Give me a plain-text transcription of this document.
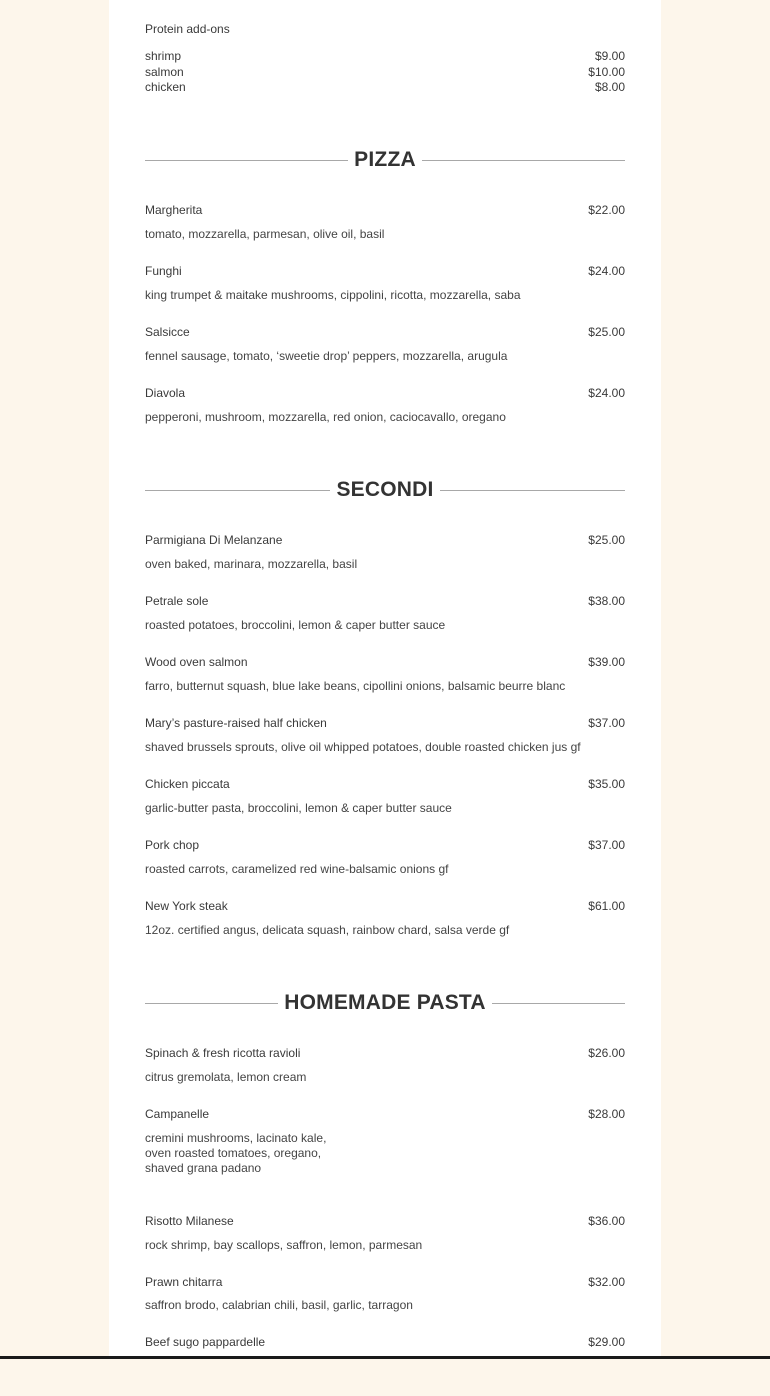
Protein add-ons
shrimp	$9.00
salmon	$10.00
chicken	$8.00
PIZZA
Margherita	$22.00
tomato, mozzarella, parmesan, olive oil, basil
Funghi	$24.00
king trumpet & maitake mushrooms, cippolini, ricotta, mozzarella, saba
Salsicce	$25.00
fennel sausage, tomato, ‘sweetie drop’ peppers, mozzarella, arugula
Diavola	$24.00
pepperoni, mushroom, mozzarella, red onion, caciocavallo, oregano
SECONDI
Parmigiana Di Melanzane	$25.00
oven baked, marinara, mozzarella, basil
Petrale sole	$38.00
roasted potatoes, broccolini, lemon & caper butter sauce
Wood oven salmon	$39.00
farro, butternut squash, blue lake beans, cipollini onions, balsamic beurre blanc
Mary’s pasture-raised half chicken	$37.00
shaved brussels sprouts, olive oil whipped potatoes, double roasted chicken jus gf
Chicken piccata	$35.00
garlic-butter pasta, broccolini, lemon & caper butter sauce
Pork chop	$37.00
roasted carrots, caramelized red wine-balsamic onions gf
New York steak	$61.00
12oz. certified angus, delicata squash, rainbow chard, salsa verde gf
HOMEMADE PASTA
Spinach & fresh ricotta ravioli	$26.00
citrus gremolata, lemon cream
Campanelle	$28.00
cremini mushrooms, lacinato kale,
oven roasted tomatoes, oregano,
shaved grana padano
Risotto Milanese	$36.00
rock shrimp, bay scallops, saffron, lemon, parmesan
Prawn chitarra	$32.00
saffron brodo, calabrian chili, basil, garlic, tarragon
Beef sugo pappardelle	$29.00
